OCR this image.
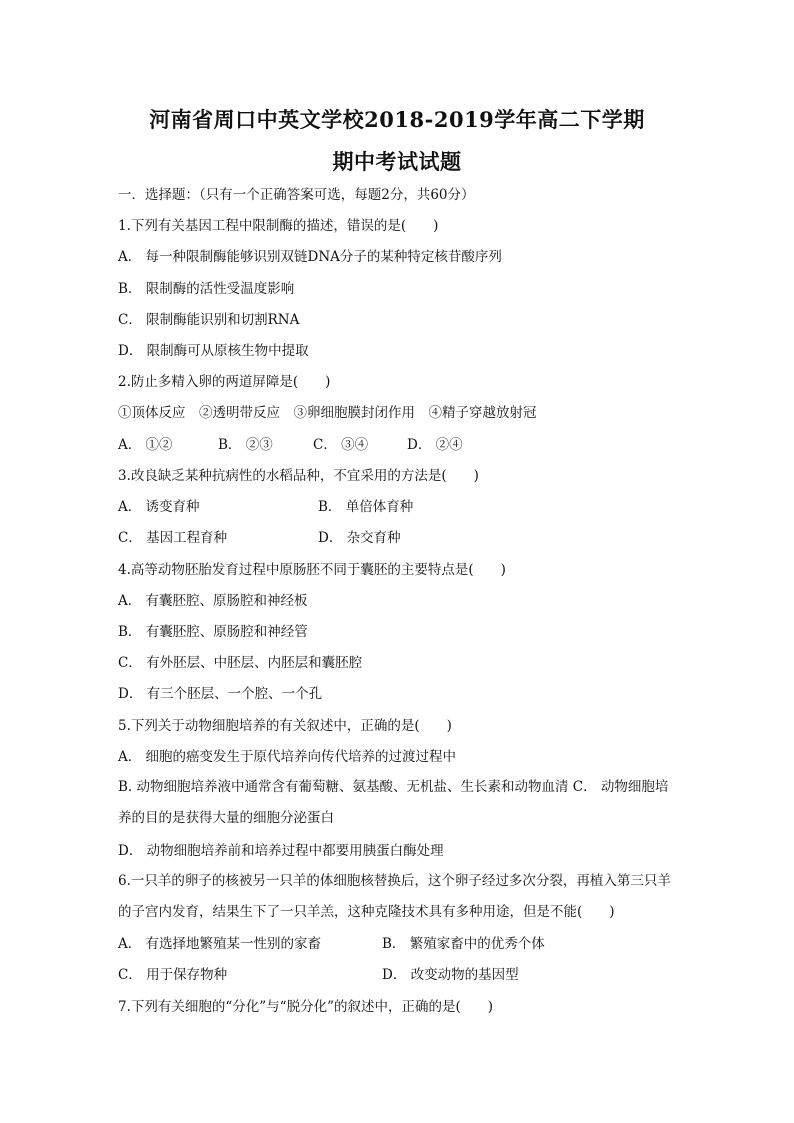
河南省周口中英文学校2018-2019学年高二下学期
期中考试试题
一．选择题：（只有一个正确答案可选，每题2分，共60分）
1.下列有关基因工程中限制酶的描述，错误的是(　　)
A． 每一种限制酶能够识别双链DNA分子的某种特定核苷酸序列
B． 限制酶的活性受温度影响
C． 限制酶能识别和切割RNA
D． 限制酶可从原核生物中提取
2.防止多精入卵的两道屏障是(　　)
①顶体反应　②透明带反应　③卵细胞膜封闭作用　④精子穿越放射冠
A． ①②	B． ②③	C． ③④	D． ②④
3.改良缺乏某种抗病性的水稻品种，不宜采用的方法是(　　)
A． 诱变育种	B． 单倍体育种
C． 基因工程育种	D． 杂交育种
4.高等动物胚胎发育过程中原肠胚不同于囊胚的主要特点是(　　)
A． 有囊胚腔、原肠腔和神经板
B． 有囊胚腔、原肠腔和神经管
C． 有外胚层、中胚层、内胚层和囊胚腔
D． 有三个胚层、一个腔、一个孔
5.下列关于动物细胞培养的有关叙述中，正确的是(　　)
A． 细胞的癌变发生于原代培养向传代培养的过渡过程中
B. 动物细胞培养液中通常含有葡萄糖、氨基酸、无机盐、生长素和动物血清 C． 动物细胞培养的目的是获得大量的细胞分泌蛋白
D． 动物细胞培养前和培养过程中都要用胰蛋白酶处理
6.一只羊的卵子的核被另一只羊的体细胞核替换后，这个卵子经过多次分裂，再植入第三只羊的子宫内发育，结果生下了一只羊羔，这种克隆技术具有多种用途，但是不能(　　)
A． 有选择地繁殖某一性别的家畜	B． 繁殖家畜中的优秀个体
C． 用于保存物种	D． 改变动物的基因型
7.下列有关细胞的“分化”与“脱分化”的叙述中，正确的是(　　)
